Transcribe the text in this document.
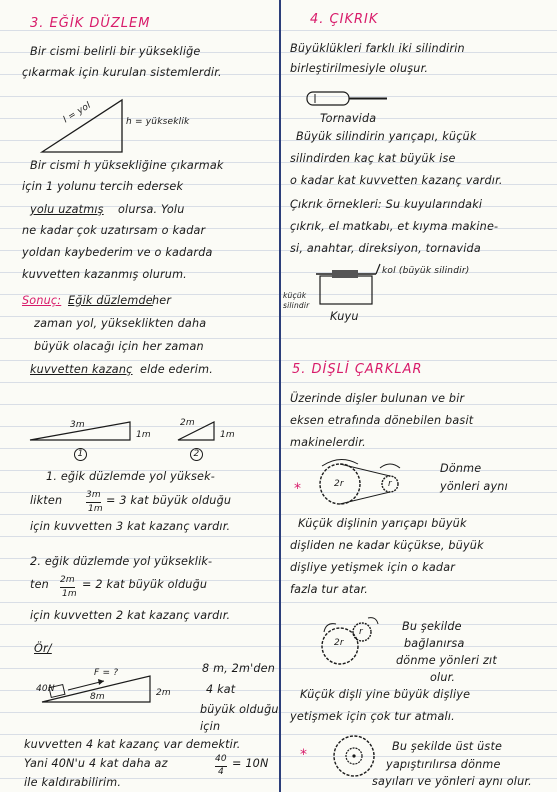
3. EĞİK DÜZLEM
Bir cismi belirli bir yüksekliğe
çıkarmak için kurulan sistemlerdir.
l = yol	h = yükseklik
Bir cismi h yüksekliğine çıkarmak
için 1 yolunu tercih edersek
yolu uzatmış olursa. Yolu
ne kadar çok uzatırsam o kadar
yoldan kaybederim ve o kadarda
kuvvetten kazanmış olurum.
Sonuç: Eğik düzlemde her
zaman yol, yükseklikten daha
büyük olacağı için her zaman
kuvvetten kazanç elde ederim.
3m
1m
1
2m
1m
2
1. eğik düzlemde yol yüksek-
likten	3m
1m
= 3 kat büyük olduğu
için kuvvetten 3 kat kazanç vardır.
2. eğik düzlemde yol yükseklik-
ten 2m
1m
= 2 kat büyük olduğu
için kuvvetten 2 kat kazanç vardır.
Ör/
40N
F = ?
8m	2m
8 m, 2m'den
4 kat
büyük olduğu
için
kuvvetten 4 kat kazanç var demektir.
Yani 40N'u 4 kat daha az	40
4
= 10N
ile kaldırabilirim.
4. ÇIKRIK
Büyüklükleri farklı iki silindirin
birleştirilmesiyle oluşur.
Tornavida
Büyük silindirin yarıçapı, küçük
silindirden kaç kat büyük ise
o kadar kat kuvvetten kazanç vardır.
Çıkrık örnekleri: Su kuyularındaki
çıkrık, el matkabı, et kıyma makine-
si, anahtar, direksiyon, tornavida
kol (büyük silindir)
küçük
silindir
Kuyu
5. DİŞLİ ÇARKLAR
Üzerinde dişler bulunan ve bir
eksen etrafında dönebilen basit
makinelerdir.
*	2r	r
Dönme
yönleri aynı
Küçük dişlinin yarıçapı büyük
dişliden ne kadar küçükse, büyük
dişliye yetişmek için o kadar
fazla tur atar.
2r
r	Bu şekilde
bağlanırsa
dönme yönleri zıt
olur.
Küçük dişli yine büyük dişliye
yetişmek için çok tur atmalı.
*
Bu şekilde üst üste
yapıştırılırsa dönme
sayıları ve yönleri aynı olur.
